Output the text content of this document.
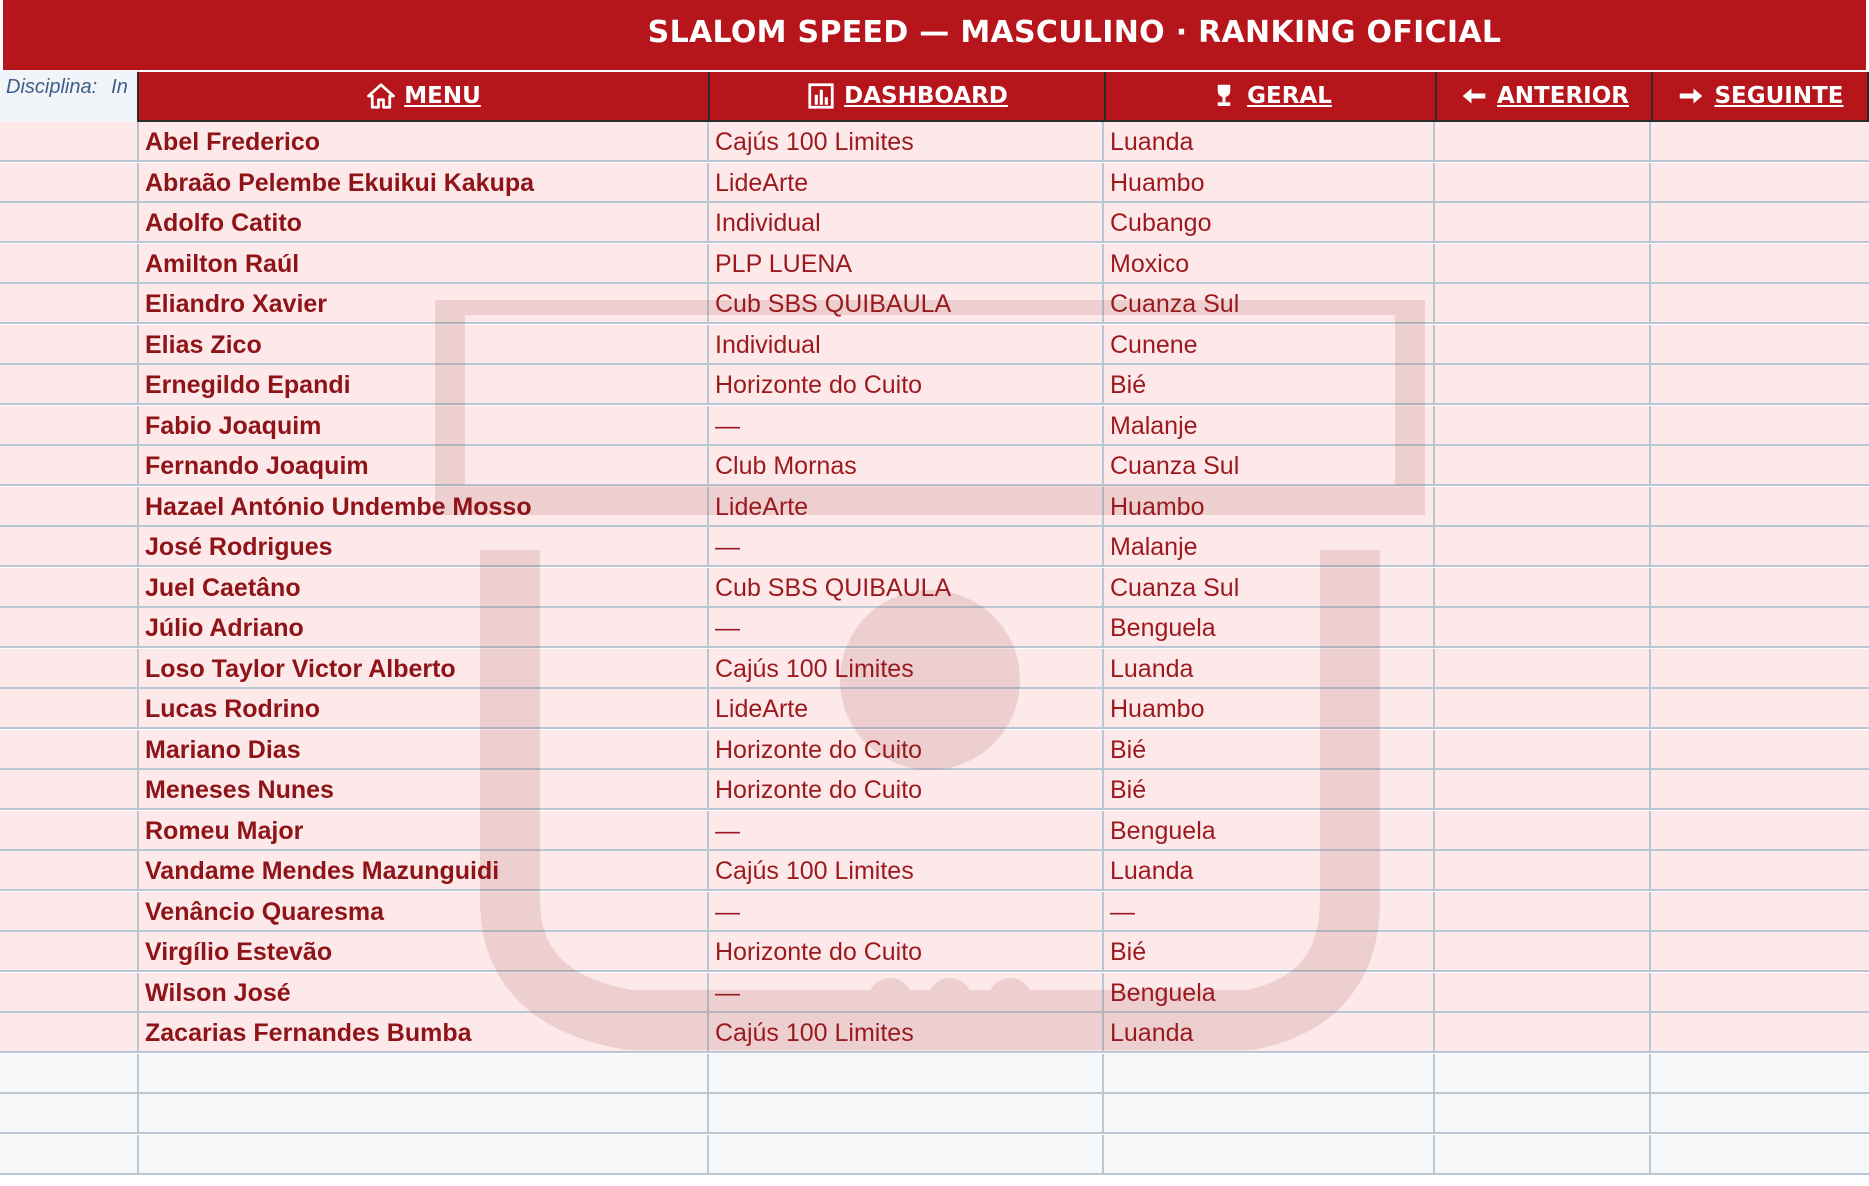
SLALOM SPEED — MASCULINO · RANKING OFICIAL
Disciplina: In	MENU	DASHBOARD	GERAL	ANTERIOR	SEGUINTE
Abel Frederico	Cajús 100 Limites	Luanda
Abraão Pelembe Ekuikui Kakupa	LideArte	Huambo
Adolfo Catito	Individual	Cubango
Amilton Raúl	PLP LUENA	Moxico
Eliandro Xavier	Cub SBS QUIBAULA	Cuanza Sul
Elias Zico	Individual	Cunene
Ernegildo Epandi	Horizonte do Cuito	Bié
Fabio Joaquim	—	Malanje
Fernando Joaquim	Club Mornas	Cuanza Sul
Hazael António Undembe Mosso	LideArte	Huambo
José Rodrigues	—	Malanje
Juel Caetâno	Cub SBS QUIBAULA	Cuanza Sul
Júlio Adriano	—	Benguela
Loso Taylor Victor Alberto	Cajús 100 Limites	Luanda
Lucas Rodrino	LideArte	Huambo
Mariano Dias	Horizonte do Cuito	Bié
Meneses Nunes	Horizonte do Cuito	Bié
Romeu Major	—	Benguela
Vandame Mendes Mazunguidi	Cajús 100 Limites	Luanda
Venâncio Quaresma	—	—
Virgílio Estevão	Horizonte do Cuito	Bié
Wilson José	—	Benguela
Zacarias Fernandes Bumba	Cajús 100 Limites	Luanda
